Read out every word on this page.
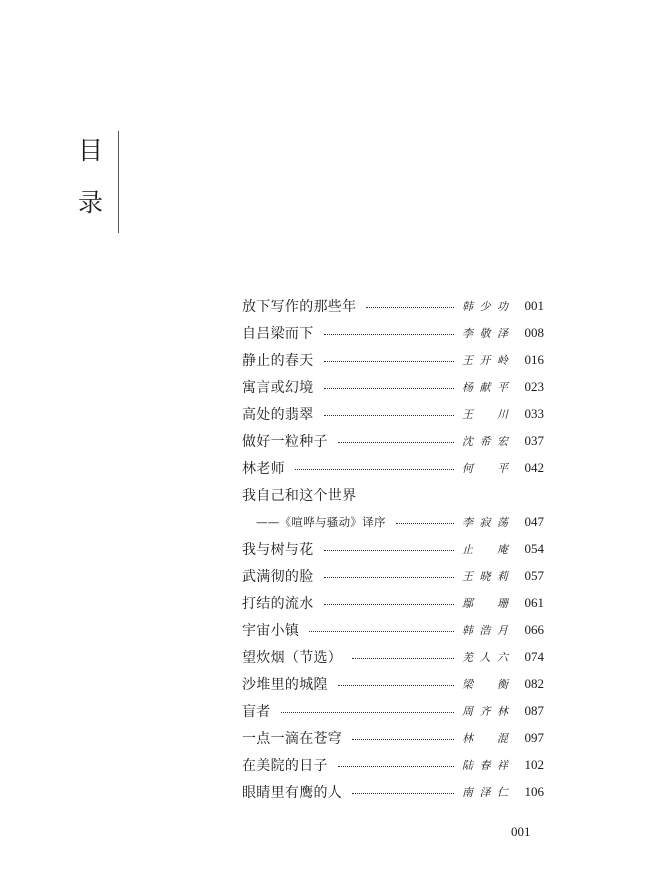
目
录
放下写作的那些年	韩少功	001
自吕梁而下	李敬泽	008
静止的春天	王开岭	016
寓言或幻境	杨献平	023
高处的翡翠	王　川	033
做好一粒种子	沈希宏	037
林老师	何　平	042
我自己和这个世界
——《喧哗与骚动》译序	李寂荡	047
我与树与花	止　庵	054
武满彻的脸	王晓莉	057
打结的流水	鄢　珊	061
宇宙小镇	韩浩月	066
望炊烟（节选）	羌人六	074
沙堆里的城隍	梁　衡	082
盲者	周齐林	087
一点一滴在苍穹	林　混	097
在美院的日子	陆春祥	102
眼睛里有鹰的人	南泽仁	106
001
